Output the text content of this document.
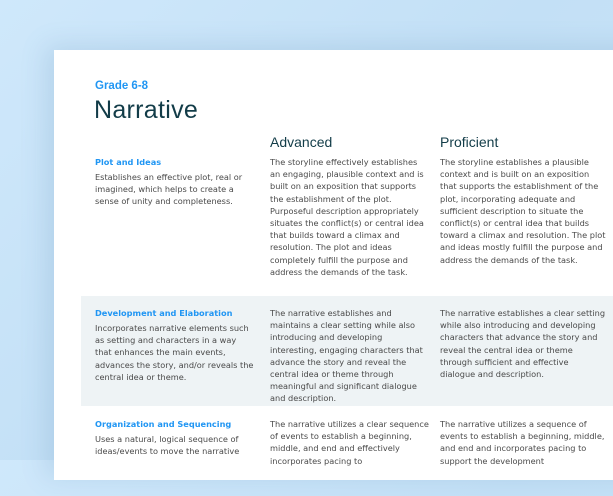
Grade 6-8
Narrative
Advanced	Proficient
Plot and Ideas
Establishes an effective plot, real or imagined, which helps to create a sense of unity and completeness.
The storyline effectively establishes an engaging, plausible context and is built on an exposition that supports the establishment of the plot. Purposeful description appropriately situates the conflict(s) or central idea that builds toward a climax and resolution. The plot and ideas completely fulfill the purpose and address the demands of the task.
The storyline establishes a plausible context and is built on an exposition that supports the establishment of the plot, incorporating adequate and sufficient description to situate the conflict(s) or central idea that builds toward a climax and resolution. The plot and ideas mostly fulfill the purpose and address the demands of the task.
Development and Elaboration
Incorporates narrative elements such as setting and characters in a way that enhances the main events, advances the story, and/or reveals the central idea or theme.
The narrative establishes and maintains a clear setting while also introducing and developing interesting, engaging characters that advance the story and reveal the central idea or theme through meaningful and significant dialogue and description.
The narrative establishes a clear setting while also introducing and developing characters that advance the story and reveal the central idea or theme through sufficient and effective dialogue and description.
Organization and Sequencing
Uses a natural, logical sequence of ideas/events to move the narrative
The narrative utilizes a clear sequence of events to establish a beginning, middle, and end and effectively incorporates pacing to
The narrative utilizes a sequence of events to establish a beginning, middle, and end and incorporates pacing to support the development
